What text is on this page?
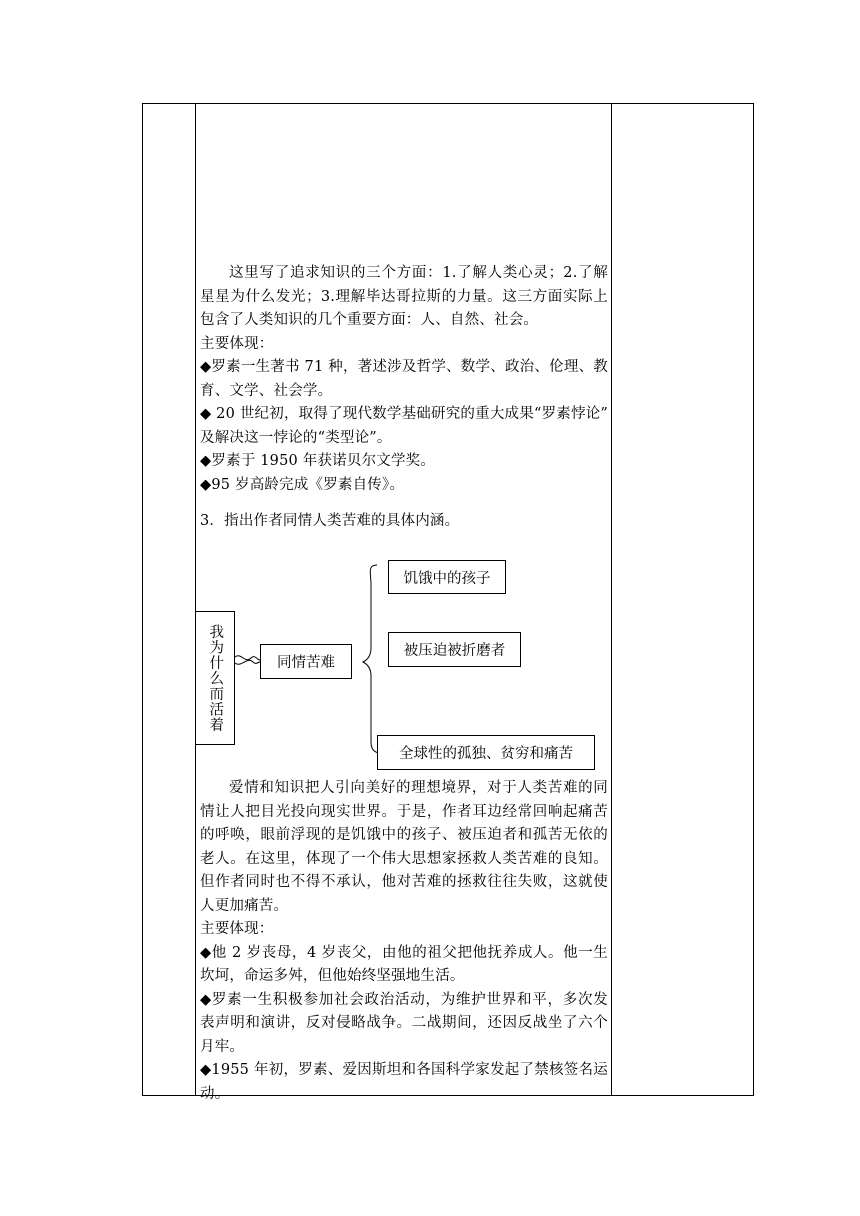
这里写了追求知识的三个方面：1.了解人类心灵；2.了解星星为什么发光；3.理解毕达哥拉斯的力量。这三方面实际上包含了人类知识的几个重要方面：人、自然、社会。

主要体现：

◆罗素一生著书 71 种，著述涉及哲学、数学、政治、伦理、教育、文学、社会学。

◆ 20 世纪初，取得了现代数学基础研究的重大成果“罗素悖论” 及解决这一悖论的“类型论”。

◆罗素于 1950 年获诺贝尔文学奖。

◆95 岁高龄完成《罗素自传》。

3．指出作者同情人类苦难的具体内涵。

我为什么而活着	同情苦难
饥饿中的孩子
被压迫被折磨者
全球性的孤独、贫穷和痛苦

爱情和知识把人引向美好的理想境界，对于人类苦难的同情让人把目光投向现实世界。于是，作者耳边经常回响起痛苦的呼唤，眼前浮现的是饥饿中的孩子、被压迫者和孤苦无依的老人。在这里，体现了一个伟大思想家拯救人类苦难的良知。但作者同时也不得不承认，他对苦难的拯救往往失败，这就使人更加痛苦。

主要体现：

◆他 2 岁丧母，4 岁丧父，由他的祖父把他抚养成人。他一生坎坷，命运多舛，但他始终坚强地生活。

◆罗素一生积极参加社会政治活动，为维护世界和平，多次发表声明和演讲，反对侵略战争。二战期间，还因反战坐了六个月牢。

◆1955 年初，罗素、爱因斯坦和各国科学家发起了禁核签名运动。
